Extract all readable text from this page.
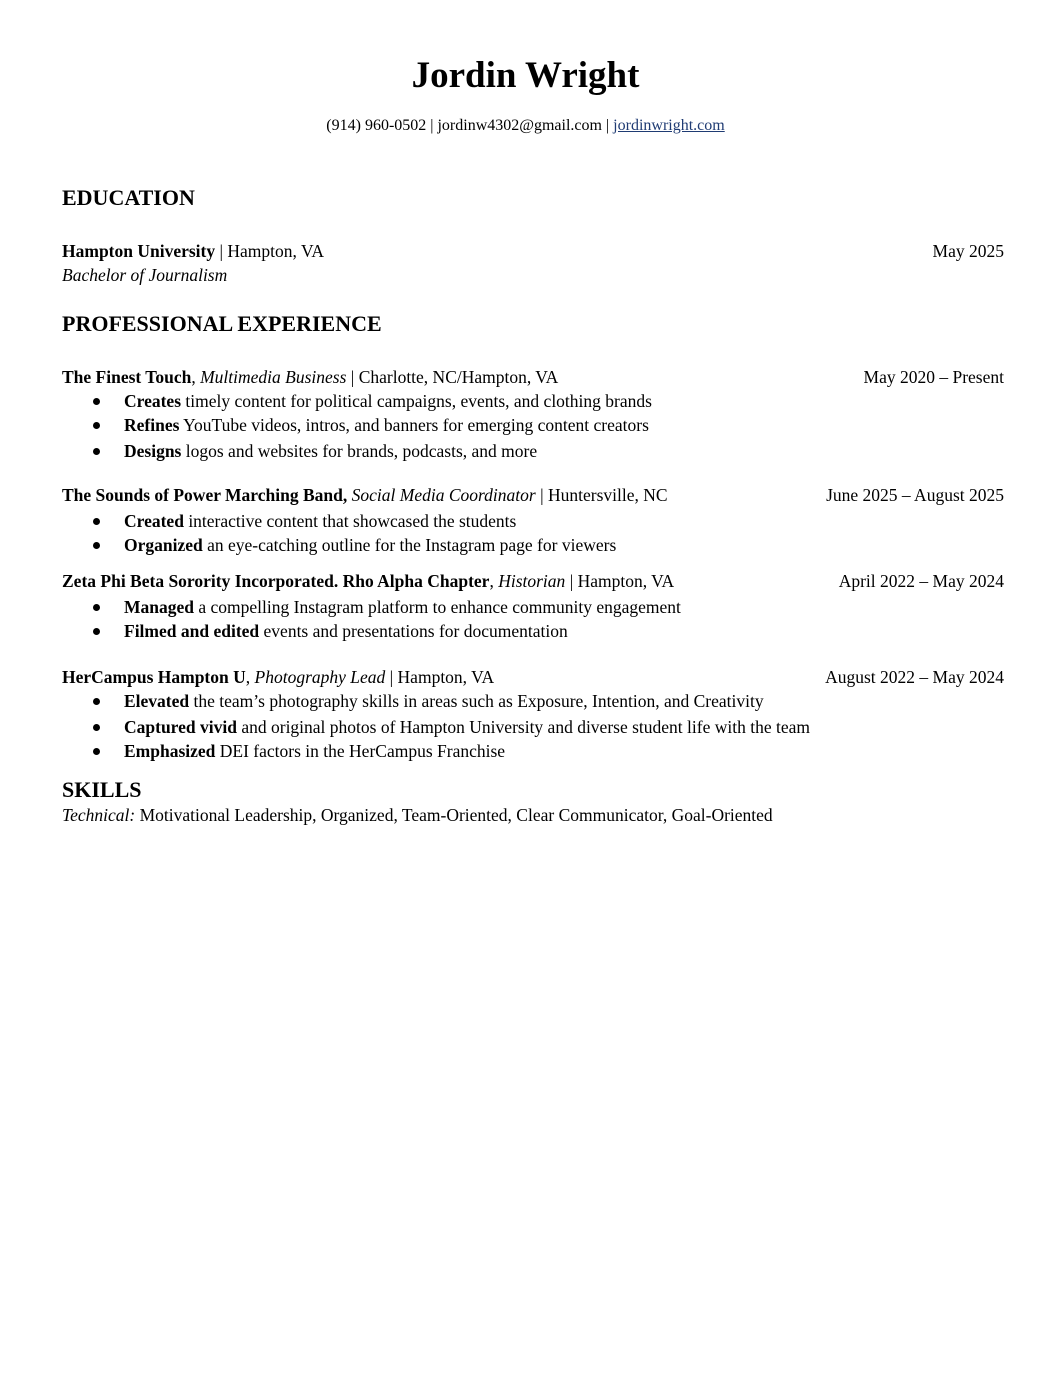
Jordin Wright
(914) 960-0502 | jordinw4302@gmail.com | jordinwright.com
EDUCATION
Hampton University | Hampton, VA	May 2025
Bachelor of Journalism
PROFESSIONAL EXPERIENCE
The Finest Touch, Multimedia Business | Charlotte, NC/Hampton, VA	May 2020 – Present
Creates timely content for political campaigns, events, and clothing brands
Refines YouTube videos, intros, and banners for emerging content creators
Designs logos and websites for brands, podcasts, and more
The Sounds of Power Marching Band, Social Media Coordinator | Huntersville, NC	June 2025 – August 2025
Created interactive content that showcased the students
Organized an eye-catching outline for the Instagram page for viewers
Zeta Phi Beta Sorority Incorporated. Rho Alpha Chapter, Historian | Hampton, VA	April 2022 – May 2024
Managed a compelling Instagram platform to enhance community engagement
Filmed and edited events and presentations for documentation
HerCampus Hampton U, Photography Lead | Hampton, VA	August 2022 – May 2024
Elevated the team’s photography skills in areas such as Exposure, Intention, and Creativity
Captured vivid and original photos of Hampton University and diverse student life with the team
Emphasized DEI factors in the HerCampus Franchise
SKILLS
Technical: Motivational Leadership, Organized, Team-Oriented, Clear Communicator, Goal-Oriented
